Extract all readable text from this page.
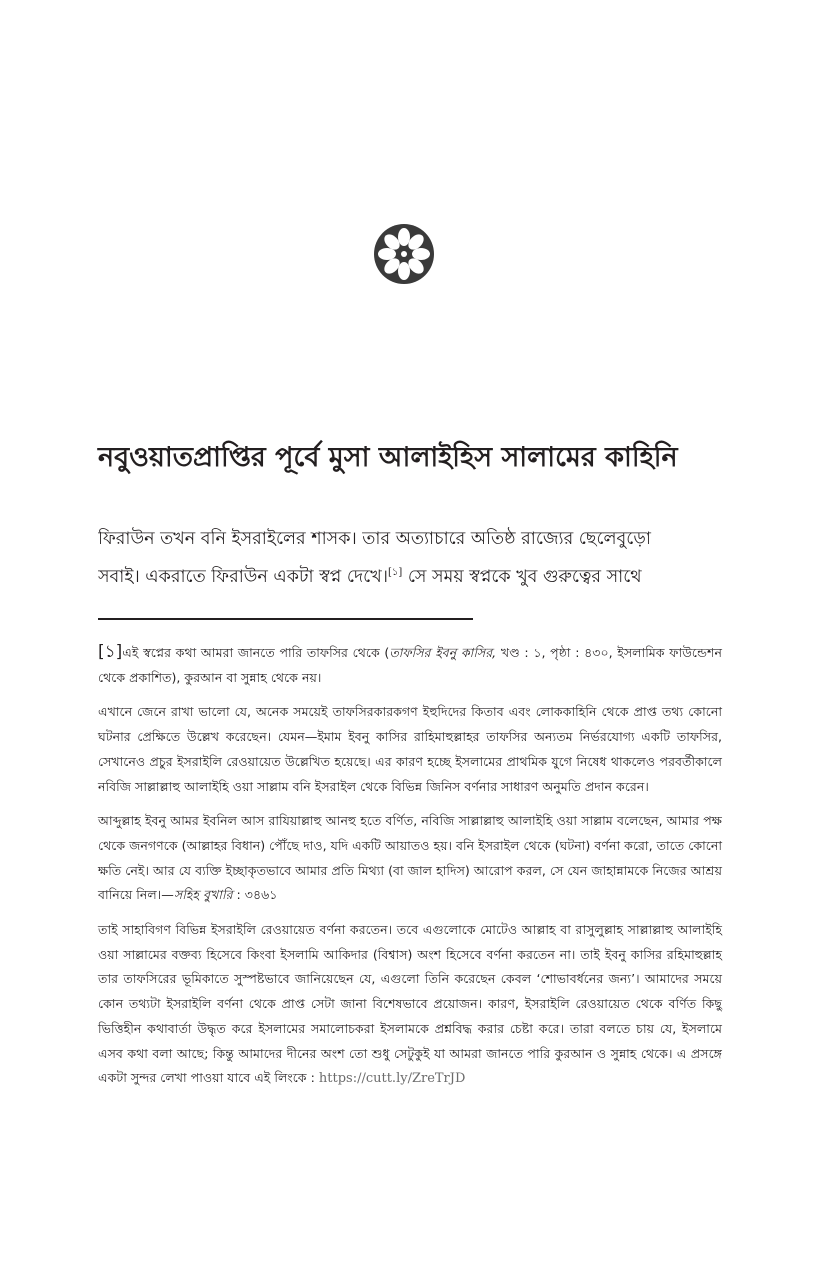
নবুওয়াতপ্রাপ্তির পূর্বে মুসা আলাইহিস সালামের কাহিনি

ফিরাউন তখন বনি ইসরাইলের শাসক। তার অত্যাচারে অতিষ্ঠ রাজ্যের ছেলেবুড়ো
সবাই। একরাতে ফিরাউন একটা স্বপ্ন দেখে।[১] সে সময় স্বপ্নকে খুব গুরুত্বের সাথে

[১]এই স্বপ্নের কথা আমরা জানতে পারি তাফসির থেকে (তাফসির ইবনু কাসির, খণ্ড : ১, পৃষ্ঠা : ৪৩০, ইসলামিক ফাউন্ডেশন থেকে প্রকাশিত), কুরআন বা সুন্নাহ থেকে নয়।

এখানে জেনে রাখা ভালো যে, অনেক সময়েই তাফসিরকারকগণ ইহুদিদের কিতাব এবং লোককাহিনি থেকে প্রাপ্ত তথ্য কোনো ঘটনার প্রেক্ষিতে উল্লেখ করেছেন। যেমন—ইমাম ইবনু কাসির রাহিমাহুল্লাহর তাফসির অন্যতম নির্ভরযোগ্য একটি তাফসির, সেখানেও প্রচুর ইসরাইলি রেওয়ায়েত উল্লেখিত হয়েছে। এর কারণ হচ্ছে ইসলামের প্রাথমিক যুগে নিষেধ থাকলেও পরবর্তীকালে নবিজি সাল্লাল্লাহু আলাইহি ওয়া সাল্লাম বনি ইসরাইল থেকে বিভিন্ন জিনিস বর্ণনার সাধারণ অনুমতি প্রদান করেন।

আব্দুল্লাহ ইবনু আমর ইবনিল আস রাযিয়াল্লাহু আনহু হতে বর্ণিত, নবিজি সাল্লাল্লাহু আলাইহি ওয়া সাল্লাম বলেছেন, আমার পক্ষ থেকে জনগণকে (আল্লাহর বিধান) পৌঁছে দাও, যদি একটি আয়াতও হয়। বনি ইসরাইল থেকে (ঘটনা) বর্ণনা করো, তাতে কোনো ক্ষতি নেই। আর যে ব্যক্তি ইচ্ছাকৃতভাবে আমার প্রতি মিথ্যা (বা জাল হাদিস) আরোপ করল, সে যেন জাহান্নামকে নিজের আশ্রয় বানিয়ে নিল।—সহিহ বুখারি : ৩৪৬১

তাই সাহাবিগণ বিভিন্ন ইসরাইলি রেওয়ায়েত বর্ণনা করতেন। তবে এগুলোকে মোটেও আল্লাহ বা রাসুলুল্লাহ সাল্লাল্লাহু আলাইহি ওয়া সাল্লামের বক্তব্য হিসেবে কিংবা ইসলামি আকিদার (বিশ্বাস) অংশ হিসেবে বর্ণনা করতেন না। তাই ইবনু কাসির রহিমাহুল্লাহ তার তাফসিরের ভূমিকাতে সুস্পষ্টভাবে জানিয়েছেন যে, এগুলো তিনি করেছেন কেবল ‘শোভাবর্ধনের জন্য’। আমাদের সময়ে কোন তথ্যটা ইসরাইলি বর্ণনা থেকে প্রাপ্ত সেটা জানা বিশেষভাবে প্রয়োজন। কারণ, ইসরাইলি রেওয়ায়েত থেকে বর্ণিত কিছু ভিত্তিহীন কথাবার্তা উদ্ধৃত করে ইসলামের সমালোচকরা ইসলামকে প্রশ্নবিদ্ধ করার চেষ্টা করে। তারা বলতে চায় যে, ইসলামে এসব কথা বলা আছে; কিন্তু আমাদের দীনের অংশ তো শুধু সেটুকুই যা আমরা জানতে পারি কুরআন ও সুন্নাহ থেকে। এ প্রসঙ্গে একটা সুন্দর লেখা পাওয়া যাবে এই লিংকে : https://cutt.ly/ZreTrJD
